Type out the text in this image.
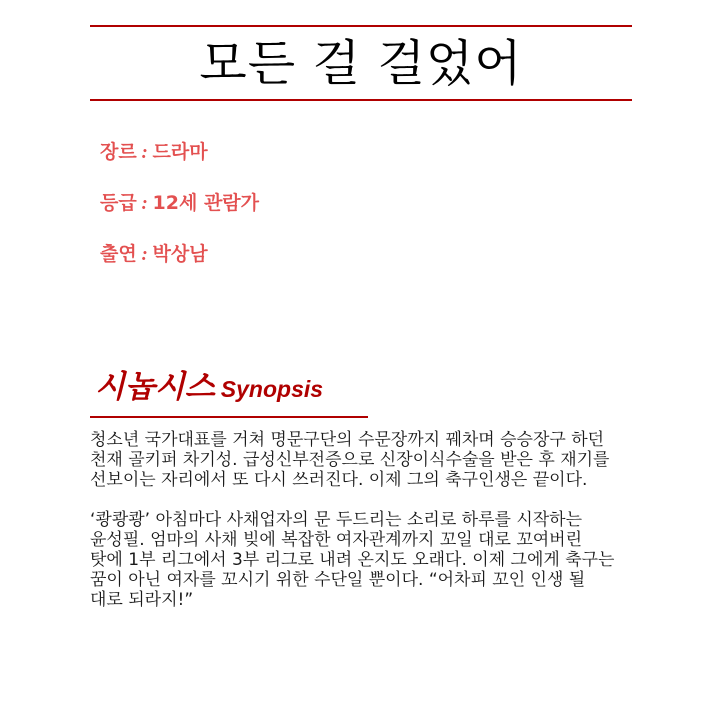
모든 걸 걸었어
장르 : 드라마
등급 : 12세 관람가
출연 : 박상남
시놉시스 Synopsis
청소년 국가대표를 거쳐 명문구단의 수문장까지 꿰차며 승승장구 하던
천재 골키퍼 차기성. 급성신부전증으로 신장이식수술을 받은 후 재기를
선보이는 자리에서 또 다시 쓰러진다. 이제 그의 축구인생은 끝이다.
‘쾅쾅쾅’ 아침마다 사채업자의 문 두드리는 소리로 하루를 시작하는
윤성필. 엄마의 사채 빚에 복잡한 여자관계까지 꼬일 대로 꼬여버린
탓에 1부 리그에서 3부 리그로 내려 온지도 오래다. 이제 그에게 축구는
꿈이 아닌 여자를 꼬시기 위한 수단일 뿐이다. “어차피 꼬인 인생 될
대로 되라지!”
